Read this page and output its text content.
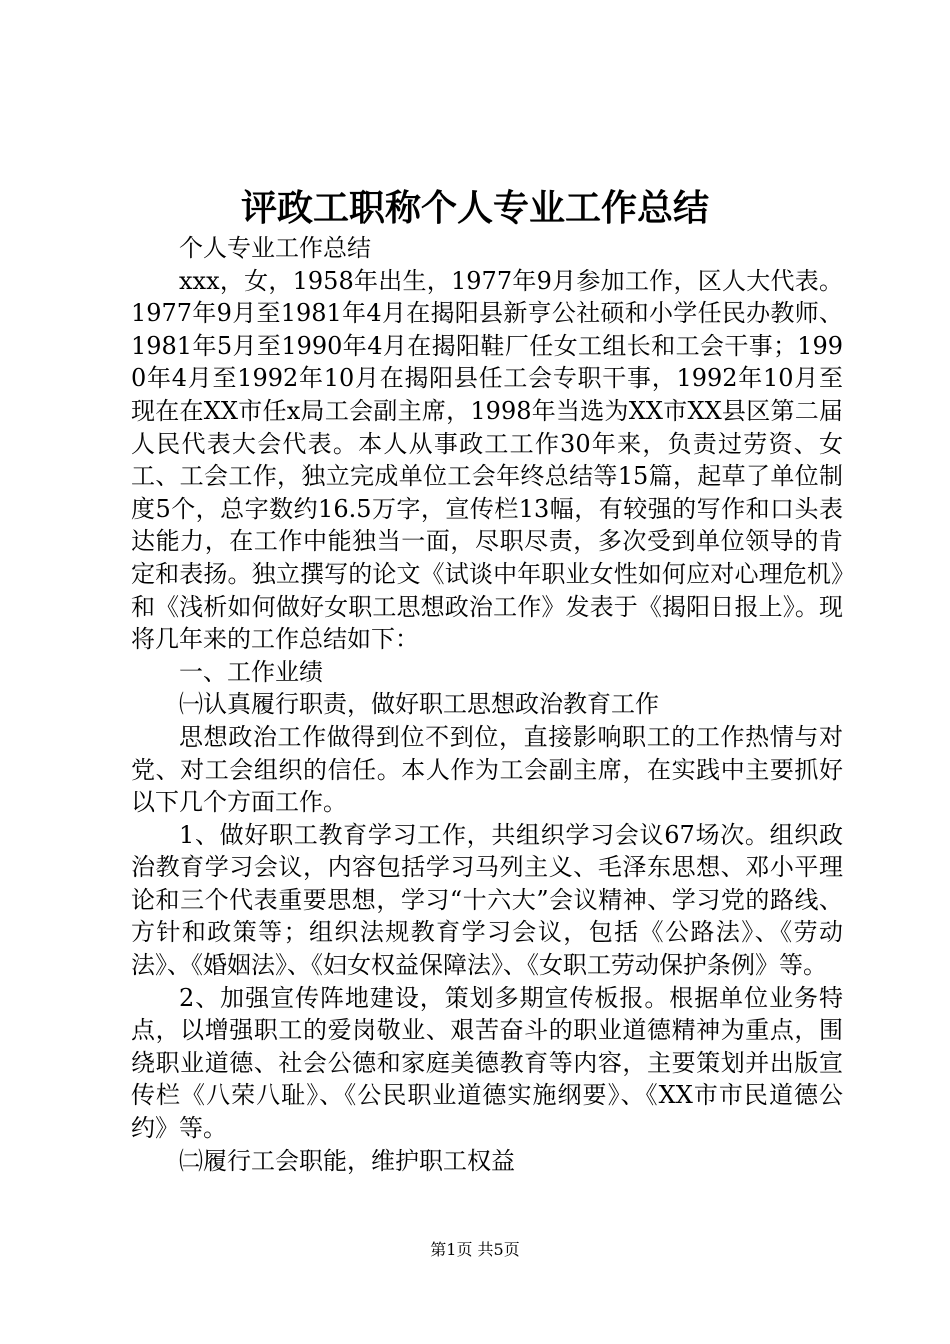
评政工职称个人专业工作总结

个人专业工作总结

xxx，女，1958年出生，1977年9月参加工作，区人大代表。1977年9月至1981年4月在揭阳县新亨公社硕和小学任民办教师、1981年5月至1990年4月在揭阳鞋厂任女工组长和工会干事；1990年4月至1992年10月在揭阳县任工会专职干事，1992年10月至现在在XX市任x局工会副主席，1998年当选为XX市XX县区第二届人民代表大会代表。本人从事政工工作30年来，负责过劳资、女工、工会工作，独立完成单位工会年终总结等15篇，起草了单位制度5个，总字数约16.5万字，宣传栏13幅，有较强的写作和口头表达能力，在工作中能独当一面，尽职尽责，多次受到单位领导的肯定和表扬。独立撰写的论文《试谈中年职业女性如何应对心理危机》和《浅析如何做好女职工思想政治工作》发表于《揭阳日报上》。现将几年来的工作总结如下：

一、工作业绩

㈠认真履行职责，做好职工思想政治教育工作

思想政治工作做得到位不到位，直接影响职工的工作热情与对党、对工会组织的信任。本人作为工会副主席，在实践中主要抓好以下几个方面工作。

1、做好职工教育学习工作，共组织学习会议67场次。组织政治教育学习会议，内容包括学习马列主义、毛泽东思想、邓小平理论和三个代表重要思想，学习“十六大”会议精神、学习党的路线、方针和政策等；组织法规教育学习会议，包括《公路法》、《劳动法》、《婚姻法》、《妇女权益保障法》、《女职工劳动保护条例》等。

2、加强宣传阵地建设，策划多期宣传板报。根据单位业务特点，以增强职工的爱岗敬业、艰苦奋斗的职业道德精神为重点，围绕职业道德、社会公德和家庭美德教育等内容，主要策划并出版宣传栏《八荣八耻》、《公民职业道德实施纲要》、《XX市市民道德公约》等。

㈡履行工会职能，维护职工权益

第1页 共5页
